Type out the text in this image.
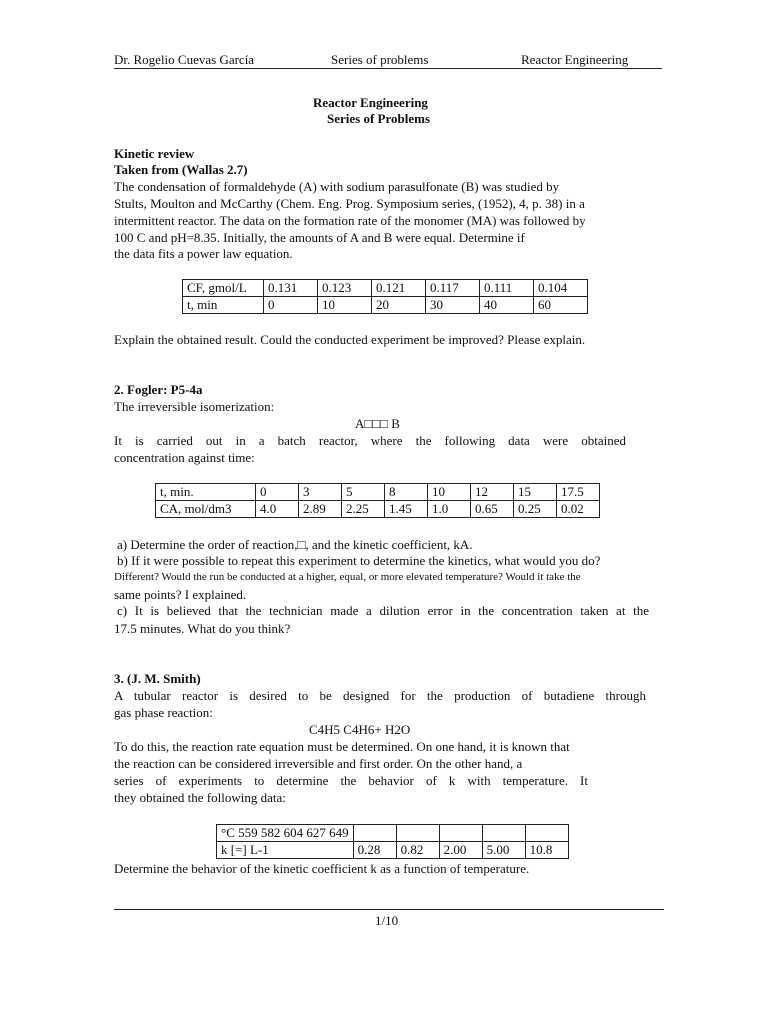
Dr. Rogelio Cuevas García	Series of problems	Reactor Engineering
Reactor Engineering
Series of Problems
Kinetic review
Taken from (Wallas 2.7)
The condensation of formaldehyde (A) with sodium parasulfonate (B) was studied by
Stults, Moulton and McCarthy (Chem. Eng. Prog. Symposium series, (1952), 4, p. 38) in a
intermittent reactor. The data on the formation rate of the monomer (MA) was followed by
100 C and pH=8.35. Initially, the amounts of A and B were equal. Determine if
the data fits a power law equation.
CF, gmol/L	0.131	0.123	0.121	0.117	0.111	0.104
t, min	0	10	20	30	40	60
Explain the obtained result. Could the conducted experiment be improved? Please explain.
2. Fogler: P5-4a
The irreversible isomerization:
A□□□ B
It is carried out in a batch reactor, where the following data were obtained
concentration against time:
t, min.	0	3	5	8	10	12	15	17.5
CA, mol/dm3	4.0	2.89	2.25	1.45	1.0	0.65	0.25	0.02
a) Determine the order of reaction,□, and the kinetic coefficient, kA.
b) If it were possible to repeat this experiment to determine the kinetics, what would you do?
Different? Would the run be conducted at a higher, equal, or more elevated temperature? Would it take the
same points? I explained.
c) It is believed that the technician made a dilution error in the concentration taken at the
17.5 minutes. What do you think?
3. (J. M. Smith)
A tubular reactor is desired to be designed for the production of butadiene through
gas phase reaction:
C4H5 C4H6+ H2O
To do this, the reaction rate equation must be determined. On one hand, it is known that
the reaction can be considered irreversible and first order. On the other hand, a
series of experiments to determine the behavior of k with temperature. It
they obtained the following data:
°C 559 582 604 627 649					
k [=] L-1	0.28	0.82	2.00	5.00	10.8
Determine the behavior of the kinetic coefficient k as a function of temperature.
1/10
